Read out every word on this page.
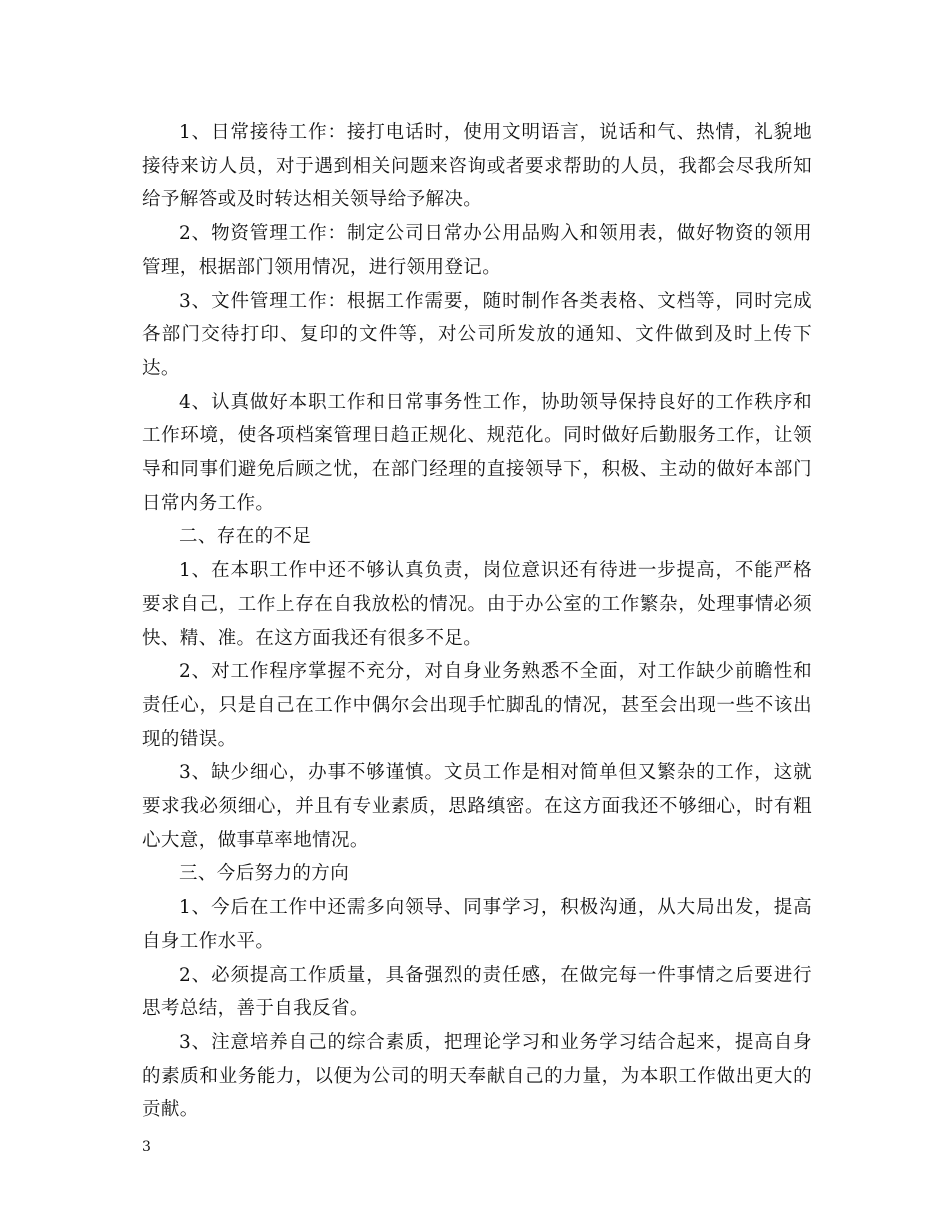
1、日常接待工作：接打电话时，使用文明语言，说话和气、热情，礼貌地接待来访人员，对于遇到相关问题来咨询或者要求帮助的人员，我都会尽我所知给予解答或及时转达相关领导给予解决。

2、物资管理工作：制定公司日常办公用品购入和领用表，做好物资的领用管理，根据部门领用情况，进行领用登记。

3、文件管理工作：根据工作需要，随时制作各类表格、文档等，同时完成各部门交待打印、复印的文件等，对公司所发放的通知、文件做到及时上传下达。

4、认真做好本职工作和日常事务性工作，协助领导保持良好的工作秩序和工作环境，使各项档案管理日趋正规化、规范化。同时做好后勤服务工作，让领导和同事们避免后顾之忧，在部门经理的直接领导下，积极、主动的做好本部门日常内务工作。

二、存在的不足

1、在本职工作中还不够认真负责，岗位意识还有待进一步提高，不能严格要求自己，工作上存在自我放松的情况。由于办公室的工作繁杂，处理事情必须快、精、准。在这方面我还有很多不足。

2、对工作程序掌握不充分，对自身业务熟悉不全面，对工作缺少前瞻性和责任心，只是自己在工作中偶尔会出现手忙脚乱的情况，甚至会出现一些不该出现的错误。

3、缺少细心，办事不够谨慎。文员工作是相对简单但又繁杂的工作，这就要求我必须细心，并且有专业素质，思路缜密。在这方面我还不够细心，时有粗心大意，做事草率地情况。

三、今后努力的方向

1、今后在工作中还需多向领导、同事学习，积极沟通，从大局出发，提高自身工作水平。

2、必须提高工作质量，具备强烈的责任感，在做完每一件事情之后要进行思考总结，善于自我反省。

3、注意培养自己的综合素质，把理论学习和业务学习结合起来，提高自身的素质和业务能力，以便为公司的明天奉献自己的力量，为本职工作做出更大的贡献。

3
